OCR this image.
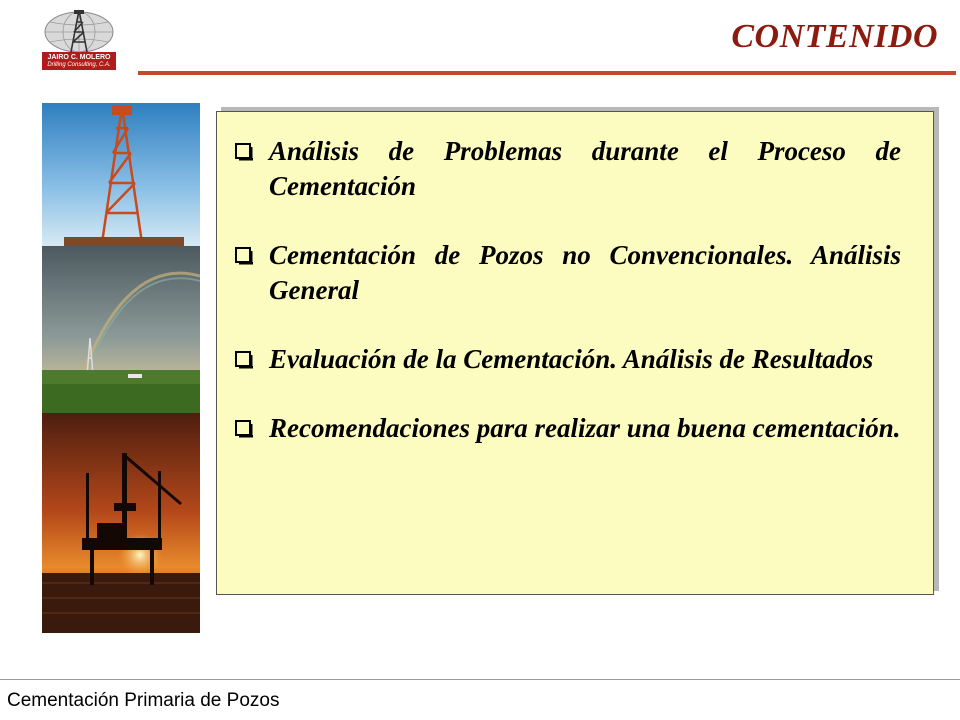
JAIRO C. MOLERO
Drilling Consulting, C.A.
CONTENIDO
Análisis de Problemas durante el Proceso de Cementación
Cementación de Pozos no Convencionales. Análisis General
Evaluación de la Cementación. Análisis de Resultados
Recomendaciones para realizar una buena cementación.
Cementación Primaria de Pozos
